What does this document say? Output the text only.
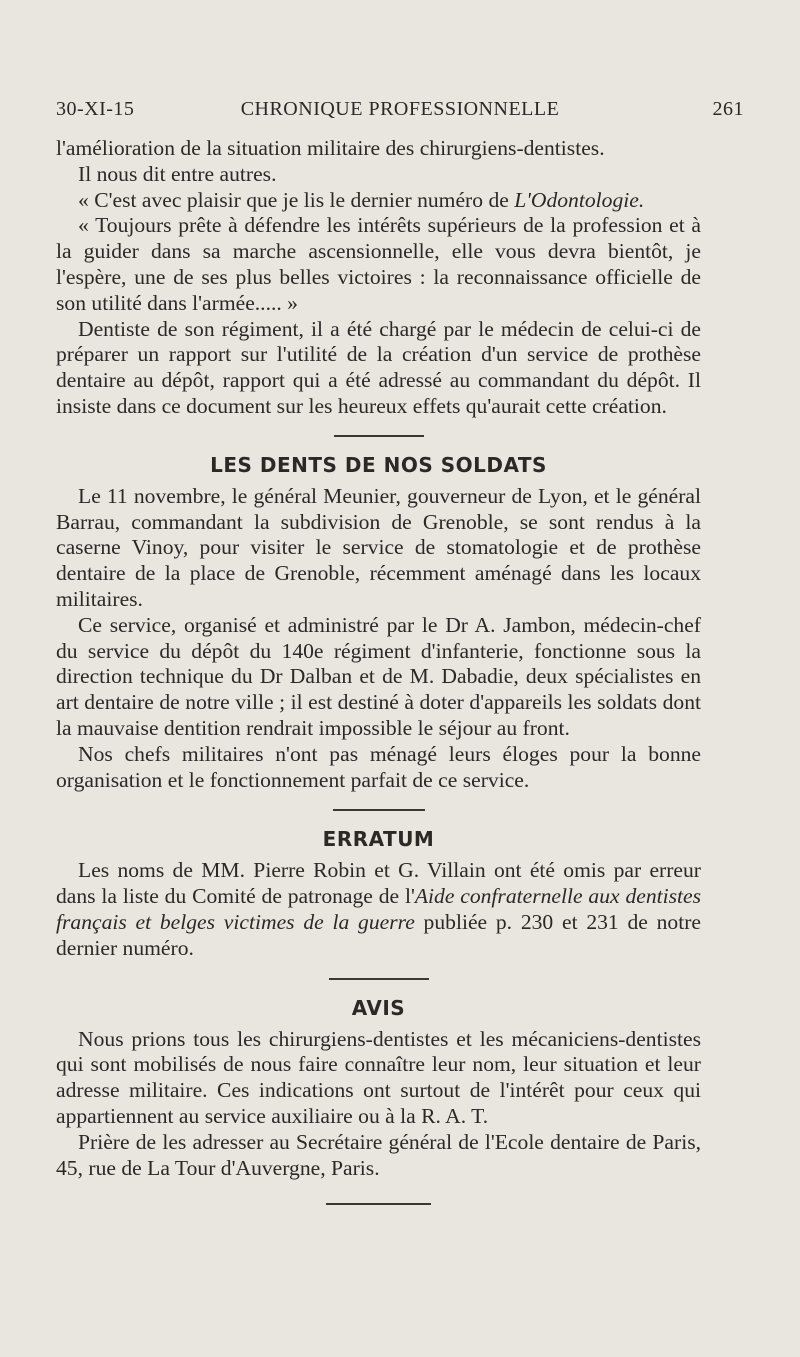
30-XI-15	CHRONIQUE PROFESSIONNELLE	261

l'amélioration de la situation militaire des chirurgiens-dentistes.

Il nous dit entre autres.

« C'est avec plaisir que je lis le dernier numéro de L'Odontologie.

« Toujours prête à défendre les intérêts supérieurs de la profession et à la guider dans sa marche ascensionnelle, elle vous devra bientôt, je l'espère, une de ses plus belles victoires : la reconnaissance officielle de son utilité dans l'armée..... »

Dentiste de son régiment, il a été chargé par le médecin de celui-ci de préparer un rapport sur l'utilité de la création d'un service de prothèse dentaire au dépôt, rapport qui a été adressé au commandant du dépôt. Il insiste dans ce document sur les heureux effets qu'aurait cette création.

LES DENTS DE NOS SOLDATS

Le 11 novembre, le général Meunier, gouverneur de Lyon, et le général Barrau, commandant la subdivision de Grenoble, se sont rendus à la caserne Vinoy, pour visiter le service de stomatologie et de prothèse dentaire de la place de Grenoble, récemment aménagé dans les locaux militaires.

Ce service, organisé et administré par le Dr A. Jambon, médecin-chef du service du dépôt du 140e régiment d'infanterie, fonctionne sous la direction technique du Dr Dalban et de M. Dabadie, deux spécialistes en art dentaire de notre ville ; il est destiné à doter d'appareils les soldats dont la mauvaise dentition rendrait impossible le séjour au front.

Nos chefs militaires n'ont pas ménagé leurs éloges pour la bonne organisation et le fonctionnement parfait de ce service.

ERRATUM

Les noms de MM. Pierre Robin et G. Villain ont été omis par erreur dans la liste du Comité de patronage de l'Aide confraternelle aux dentistes français et belges victimes de la guerre publiée p. 230 et 231 de notre dernier numéro.

AVIS

Nous prions tous les chirurgiens-dentistes et les mécaniciens-dentistes qui sont mobilisés de nous faire connaître leur nom, leur situation et leur adresse militaire. Ces indications ont surtout de l'intérêt pour ceux qui appartiennent au service auxiliaire ou à la R. A. T.

Prière de les adresser au Secrétaire général de l'Ecole dentaire de Paris, 45, rue de La Tour d'Auvergne, Paris.
